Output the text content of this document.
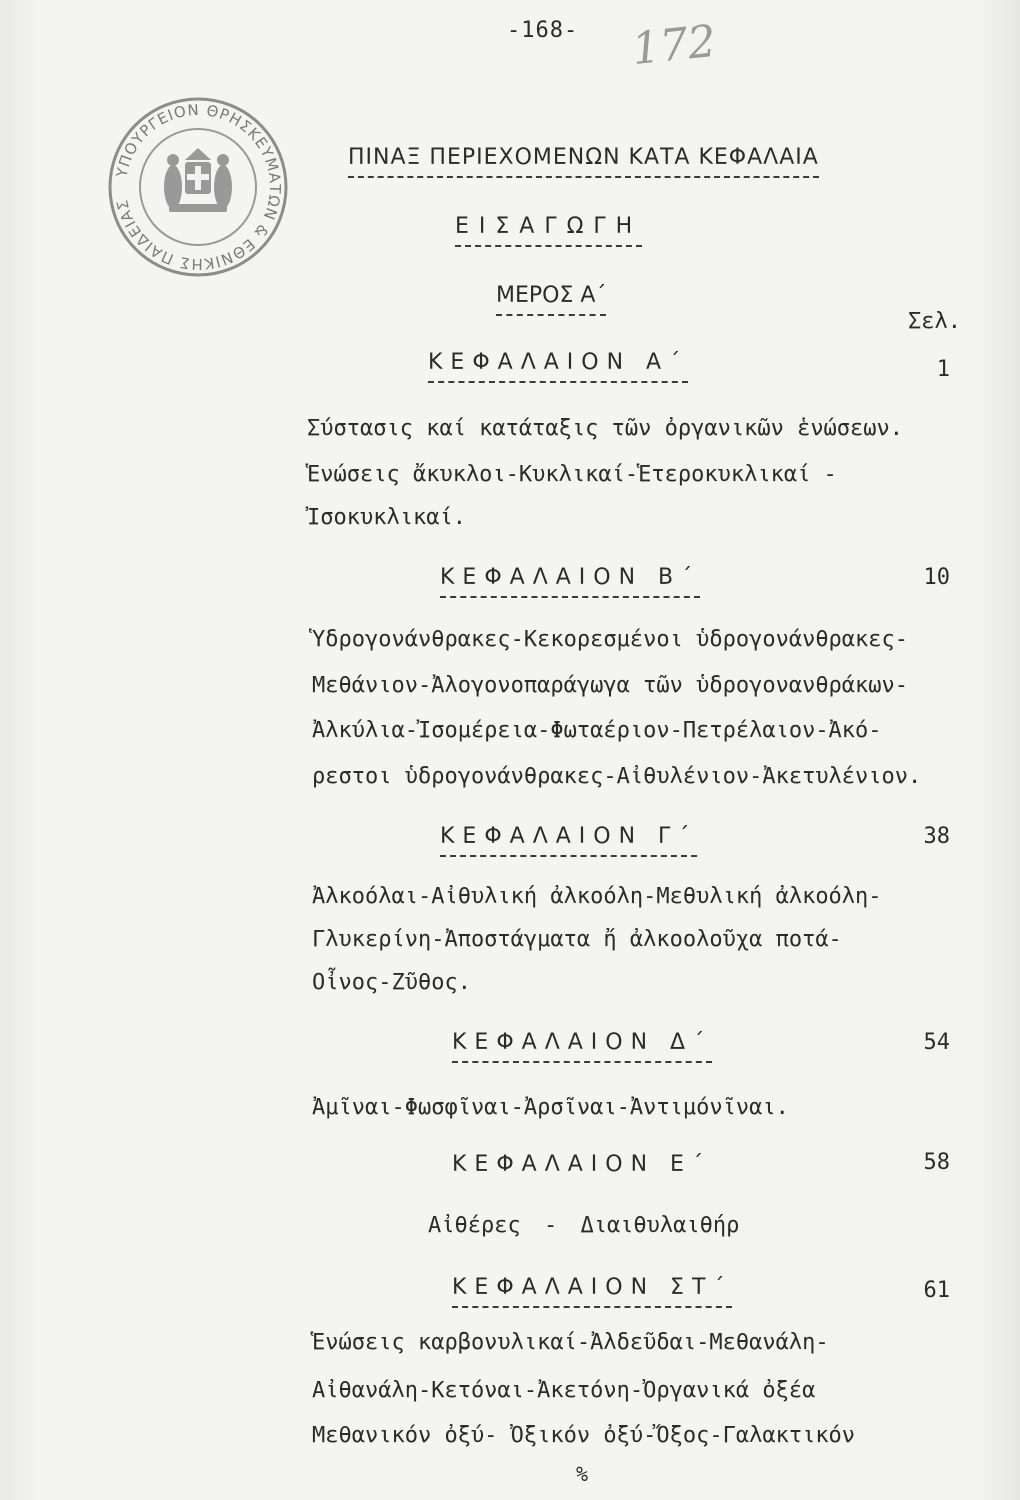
-168- 172
ΥΠΟΥΡΓΕΙΟΝ ΘΡΗΣΚΕΥΜΑΤΩΝ & ΕΘΝΙΚΗΣ ΠΑΙΔΕΙΑΣ
ΠΙΝΑΞ ΠΕΡΙΕΧΟΜΕΝΩΝ ΚΑΤΑ ΚΕΦΑΛΑΙΑ
ΕΙΣΑΓΩΓΗ
ΜΕΡΟΣ Α΄
Σελ.
ΚΕΦΑΛΑΙΟΝ Α΄	1
Σύστασις καί κατάταξις τῶν ὀργανικῶν ἑνώσεων.
Ἑνώσεις ἄκυκλοι-Κυκλικαί-Ἑτεροκυκλικαί -
Ἰσοκυκλικαί.
ΚΕΦΑΛΑΙΟΝ Β΄	10
Ὑδρογονάνθρακες-Κεκορεσμένοι ὑδρογονάνθρακες-
Μεθάνιον-Ἀλογονοπαράγωγα τῶν ὑδρογονανθράκων-
Ἀλκύλια-Ἰσομέρεια-Φωταέριον-Πετρέλαιον-Ἀκό-
ρεστοι ὑδρογονάνθρακες-Αἰθυλένιον-Ἀκετυλένιον.
ΚΕΦΑΛΑΙΟΝ Γ΄	38
Ἀλκοόλαι-Αἰθυλική ἀλκοόλη-Μεθυλική ἀλκοόλη-
Γλυκερίνη-Ἀποστάγματα ἤ ἀλκοολοῦχα ποτά-
Οἶνος-Ζῦθος.
ΚΕΦΑΛΑΙΟΝ Δ΄	54
Ἀμῖναι-Φωσφῖναι-Ἀρσῖναι-Ἀντιμόνῖναι.
ΚΕΦΑΛΑΙΟΝ Ε΄	58
Αἰθέρες - Διαιθυλαιθήρ
ΚΕΦΑΛΑΙΟΝ ΣΤ΄	61
Ἑνώσεις καρβονυλικαί-Ἀλδεῦδαι-Μεθανάλη-
Αἰθανάλη-Κετόναι-Ἀκετόνη-Ὀργανικά ὀξέα
Μεθανικόν ὀξύ- Ὀξικόν ὀξύ-Ὄξος-Γαλακτικόν
%
